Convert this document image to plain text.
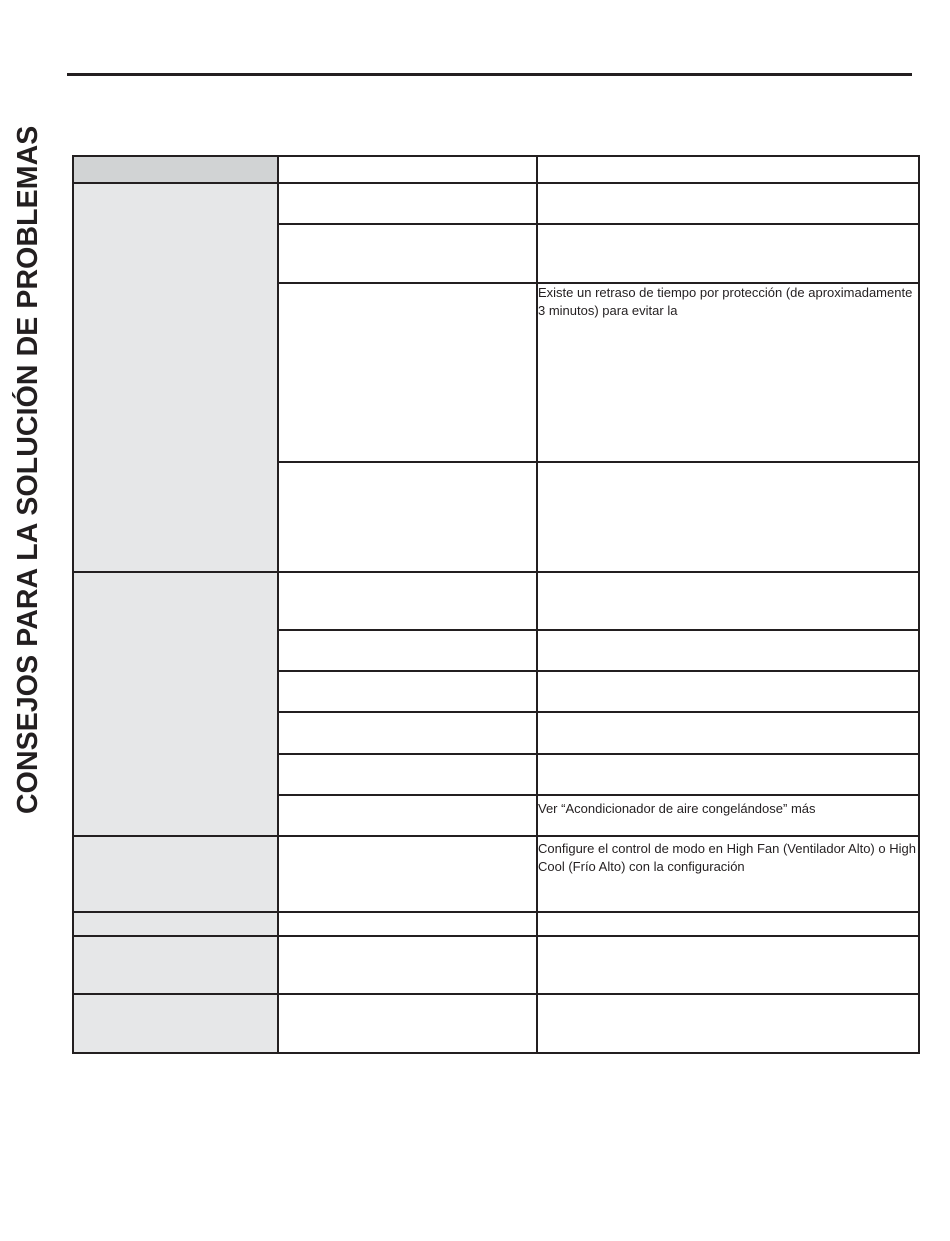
CONSEJOS PARA LA SOLUCIÓN DE PROBLEMAS

		Existe un retraso de tiempo por protección (de aproximadamente 3 minutos) para evitar la

		Ver “Acondicionador de aire congelándose” más
		Configure el control de modo en High Fan (Ventilador Alto) o High Cool (Frío Alto) con la configuración
